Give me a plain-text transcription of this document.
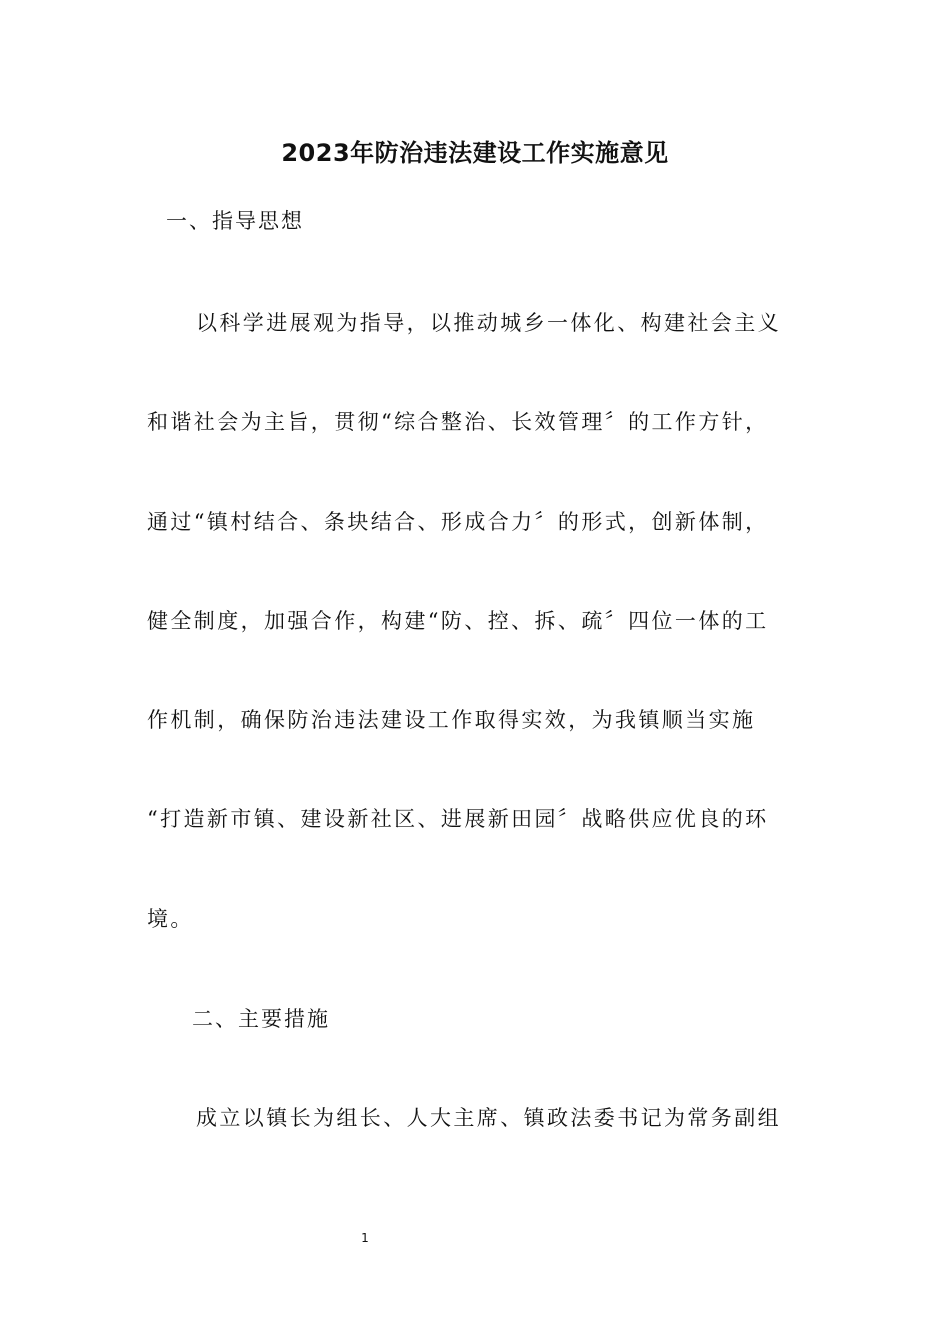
2023年防治违法建设工作实施意见
一、指导思想
以科学进展观为指导，以推动城乡一体化、构建社会主义
和谐社会为主旨，贯彻“综合整治、长效管理〞的工作方针，
通过“镇村结合、条块结合、形成合力〞的形式，创新体制，
健全制度，加强合作，构建“防、控、拆、疏〞四位一体的工
作机制，确保防治违法建设工作取得实效，为我镇顺当实施
“打造新市镇、建设新社区、进展新田园〞战略供应优良的环
境。
二、主要措施
成立以镇长为组长、人大主席、镇政法委书记为常务副组
1
